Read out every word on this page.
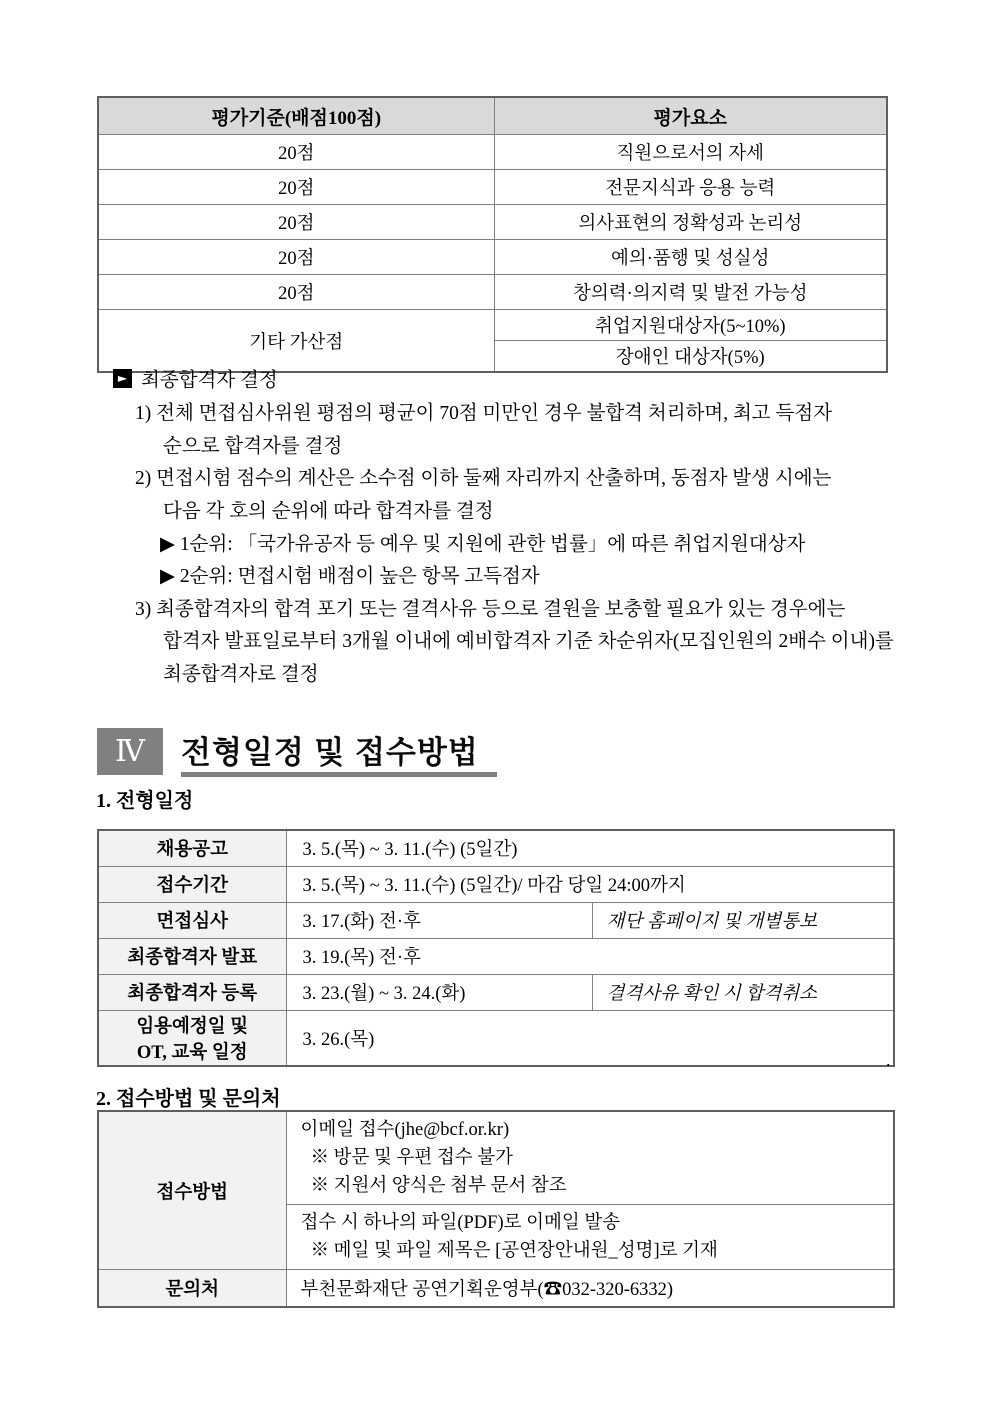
평가기준(배점100점)	평가요소
20점	직원으로서의 자세
20점	전문지식과 응용 능력
20점	의사표현의 정확성과 논리성
20점	예의·품행 및 성실성
20점	창의력·의지력 및 발전 가능성
기타 가산점	취업지원대상자(5~10%)
	장애인 대상자(5%)
► 최종합격자 결정
1) 전체 면접심사위원 평점의 평균이 70점 미만인 경우 불합격 처리하며, 최고 득점자
순으로 합격자를 결정
2) 면접시험 점수의 계산은 소수점 이하 둘째 자리까지 산출하며, 동점자 발생 시에는
다음 각 호의 순위에 따라 합격자를 결정
▶ 1순위: 「국가유공자 등 예우 및 지원에 관한 법률」에 따른 취업지원대상자
▶ 2순위: 면접시험 배점이 높은 항목 고득점자
3) 최종합격자의 합격 포기 또는 결격사유 등으로 결원을 보충할 필요가 있는 경우에는
합격자 발표일로부터 3개월 이내에 예비합격자 기준 차순위자(모집인원의 2배수 이내)를
최종합격자로 결정
Ⅳ	전형일정 및 접수방법
1. 전형일정
채용공고	3. 5.(목) ~ 3. 11.(수) (5일간)	
접수기간	3. 5.(목) ~ 3. 11.(수) (5일간)/ 마감 당일 24:00까지	
면접심사	3. 17.(화) 전·후	재단 홈페이지 및 개별통보
최종합격자 발표	3. 19.(목) 전·후	
최종합격자 등록	3. 23.(월) ~ 3. 24.(화)	결격사유 확인 시 합격취소

임용예정일 및
OT, 교육 일정	3. 26.(목)	
.
2. 접수방법 및 문의처
접수방법	이메일 접수(jhe@bcf.or.kr)
※ 방문 및 우편 접수 불가
※ 지원서 양식은 첨부 문서 참조

	접수 시 하나의 파일(PDF)로 이메일 발송
※ 메일 및 파일 제목은 [공연장안내원_성명]로 기재

문의처	부천문화재단 공연기획운영부(☎032-320-6332)
